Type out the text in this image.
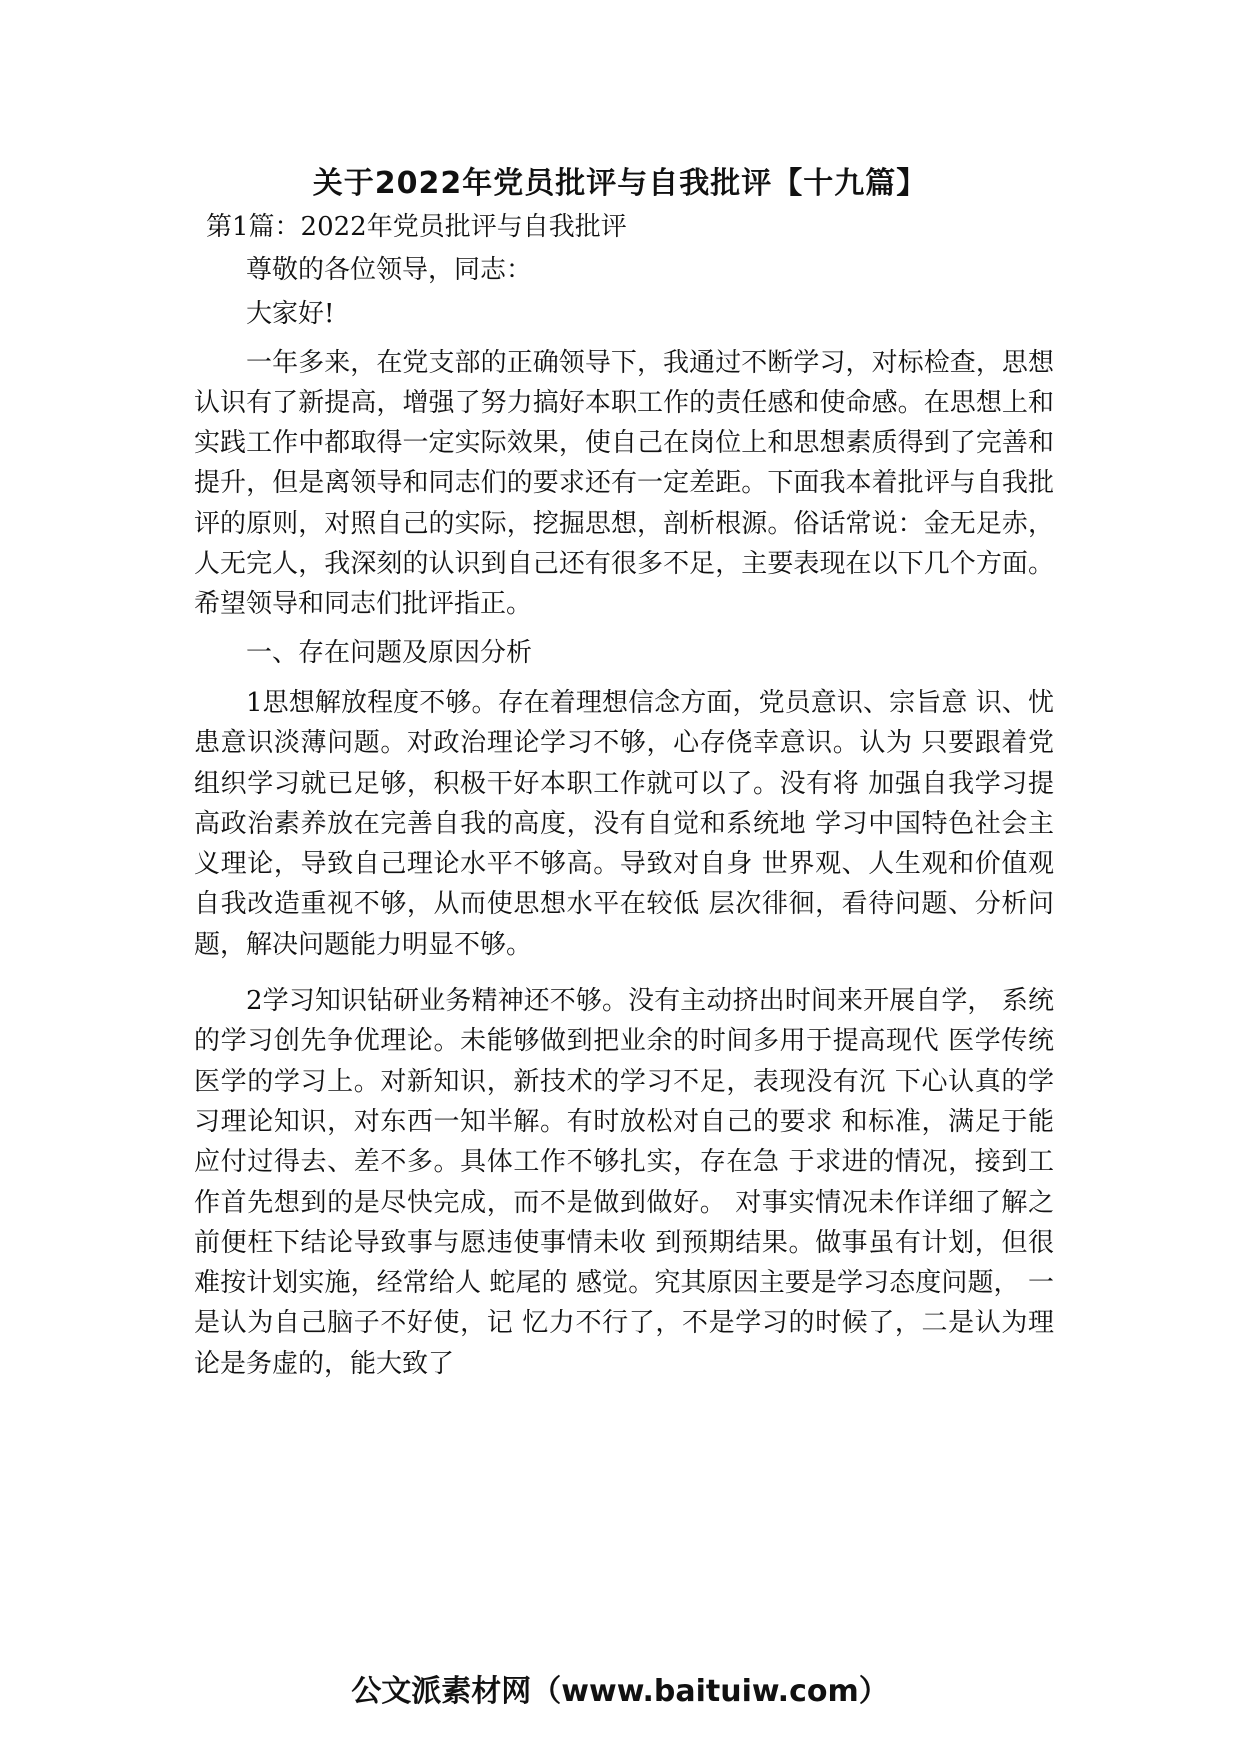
关于2022年党员批评与自我批评【十九篇】
第1篇：2022年党员批评与自我批评

尊敬的各位领导，同志：

大家好!

一年多来，在党支部的正确领导下，我通过不断学习，对标检查，思想认识有了新提高，增强了努力搞好本职工作的责任感和使命感。在思想上和实践工作中都取得一定实际效果，使自己在岗位上和思想素质得到了完善和提升，但是离领导和同志们的要求还有一定差距。下面我本着批评与自我批评的原则，对照自己的实际，挖掘思想，剖析根源。俗话常说：金无足赤，人无完人，我深刻的认识到自己还有很多不足，主要表现在以下几个方面。希望领导和同志们批评指正。

一、存在问题及原因分析

1思想解放程度不够。存在着理想信念方面，党员意识、宗旨意 识、忧患意识淡薄问题。对政治理论学习不够，心存侥幸意识。认为 只要跟着党组织学习就已足够，积极干好本职工作就可以了。没有将 加强自我学习提高政治素养放在完善自我的高度，没有自觉和系统地 学习中国特色社会主义理论，导致自己理论水平不够高。导致对自身 世界观、人生观和价值观自我改造重视不够，从而使思想水平在较低 层次徘徊，看待问题、分析问题，解决问题能力明显不够。

2学习知识钻研业务精神还不够。没有主动挤出时间来开展自学， 系统的学习创先争优理论。未能够做到把业余的时间多用于提高现代 医学传统医学的学习上。对新知识，新技术的学习不足，表现没有沉 下心认真的学习理论知识，对东西一知半解。有时放松对自己的要求 和标准，满足于能应付过得去、差不多。具体工作不够扎实，存在急 于求进的情况，接到工作首先想到的是尽快完成，而不是做到做好。 对事实情况未作详细了解之前便枉下结论导致事与愿违使事情未收 到预期结果。做事虽有计划，但很难按计划实施，经常给人 蛇尾的 感觉。究其原因主要是学习态度问题， 一是认为自己脑子不好使，记 忆力不行了，不是学习的时候了，二是认为理论是务虚的，能大致了

公文派素材网（www.baituiw.com）
